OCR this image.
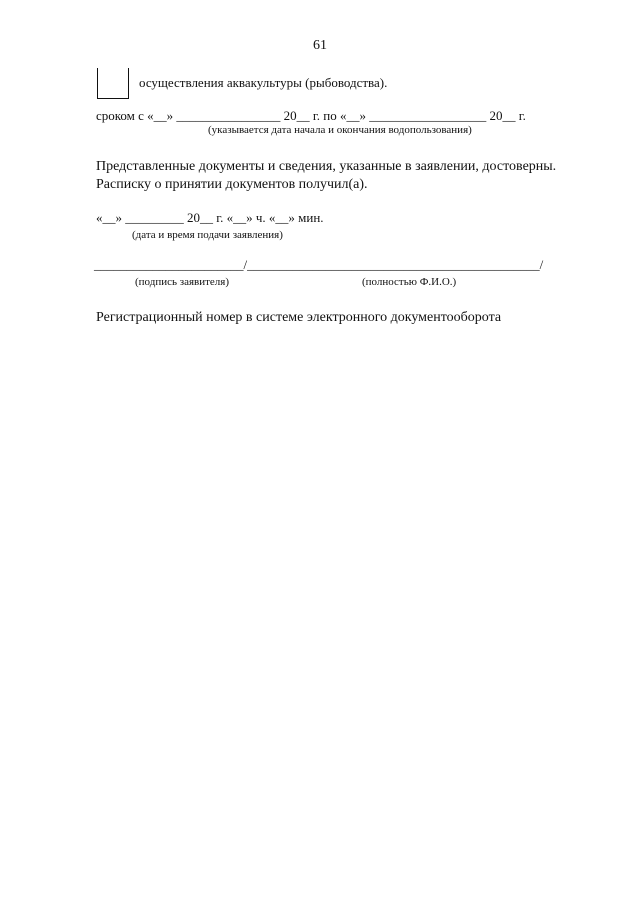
61
осуществления аквакультуры (рыбоводства).
сроком с «__» ________________ 20__ г. по «__» __________________ 20__ г.
(указывается дата начала и окончания водопользования)
Представленные документы и сведения, указанные в заявлении, достоверны.
Расписку о принятии документов получил(а).
«__» _________ 20__ г. «__» ч. «__» мин.
(дата и время подачи заявления)
_______________________/_____________________________________________/
(подпись заявителя)	(полностью Ф.И.О.)
Регистрационный номер в системе электронного документооборота
